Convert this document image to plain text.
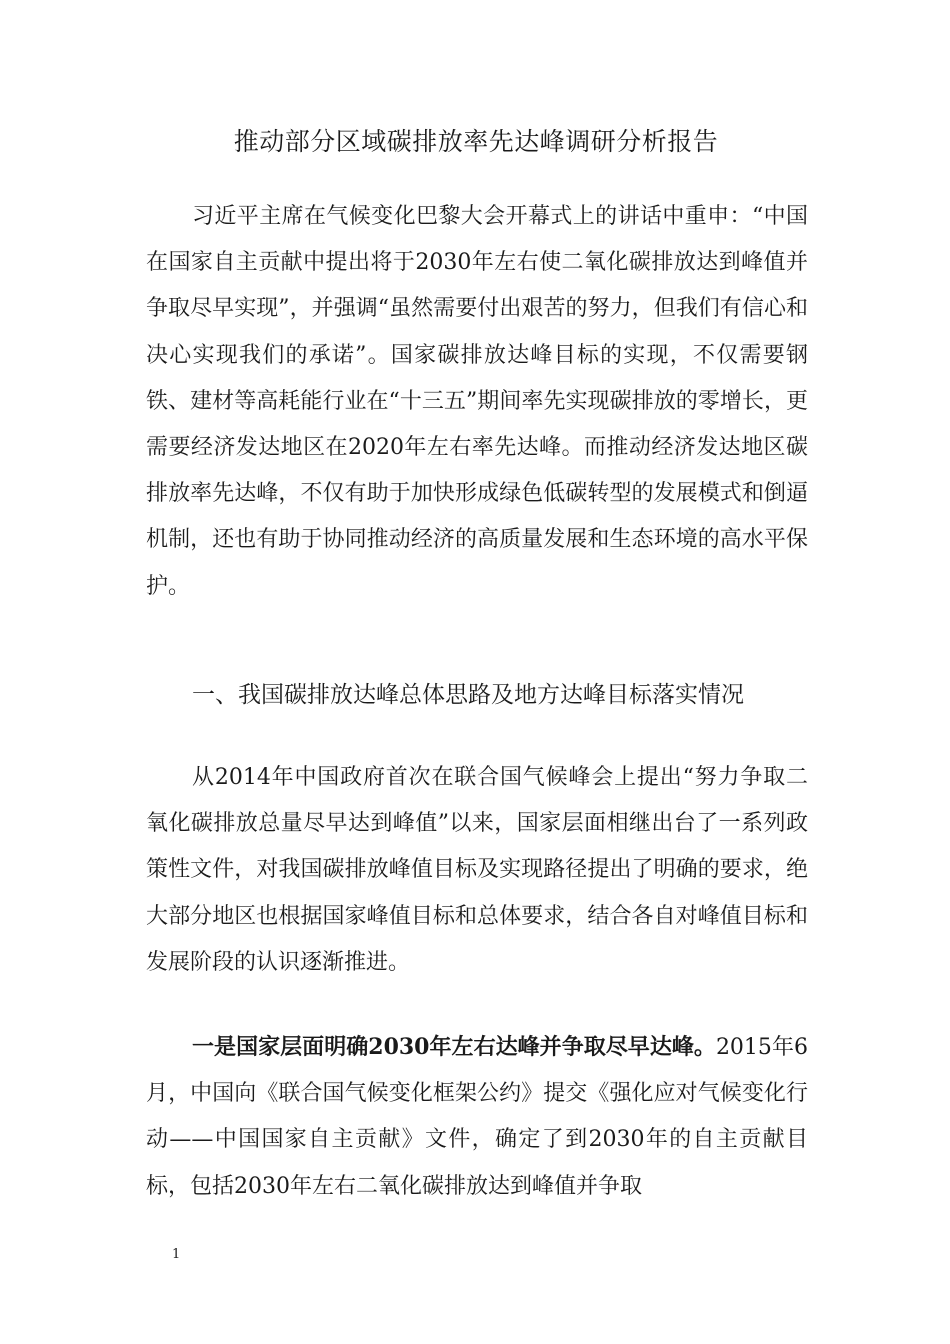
推动部分区域碳排放率先达峰调研分析报告

习近平主席在气候变化巴黎大会开幕式上的讲话中重申：“中国在国家自主贡献中提出将于2030年左右使二氧化碳排放达到峰值并争取尽早实现”，并强调“虽然需要付出艰苦的努力，但我们有信心和决心实现我们的承诺”。国家碳排放达峰目标的实现，不仅需要钢铁、建材等高耗能行业在“十三五”期间率先实现碳排放的零增长，更需要经济发达地区在2020年左右率先达峰。而推动经济发达地区碳排放率先达峰，不仅有助于加快形成绿色低碳转型的发展模式和倒逼机制，还也有助于协同推动经济的高质量发展和生态环境的高水平保护。

一、我国碳排放达峰总体思路及地方达峰目标落实情况

从2014年中国政府首次在联合国气候峰会上提出“努力争取二氧化碳排放总量尽早达到峰值”以来，国家层面相继出台了一系列政策性文件，对我国碳排放峰值目标及实现路径提出了明确的要求，绝大部分地区也根据国家峰值目标和总体要求，结合各自对峰值目标和发展阶段的认识逐渐推进。

一是国家层面明确2030年左右达峰并争取尽早达峰。2015年6月，中国向《联合国气候变化框架公约》提交《强化应对气候变化行动——中国国家自主贡献》文件，确定了到2030年的自主贡献目标，包括2030年左右二氧化碳排放达到峰值并争取

1
